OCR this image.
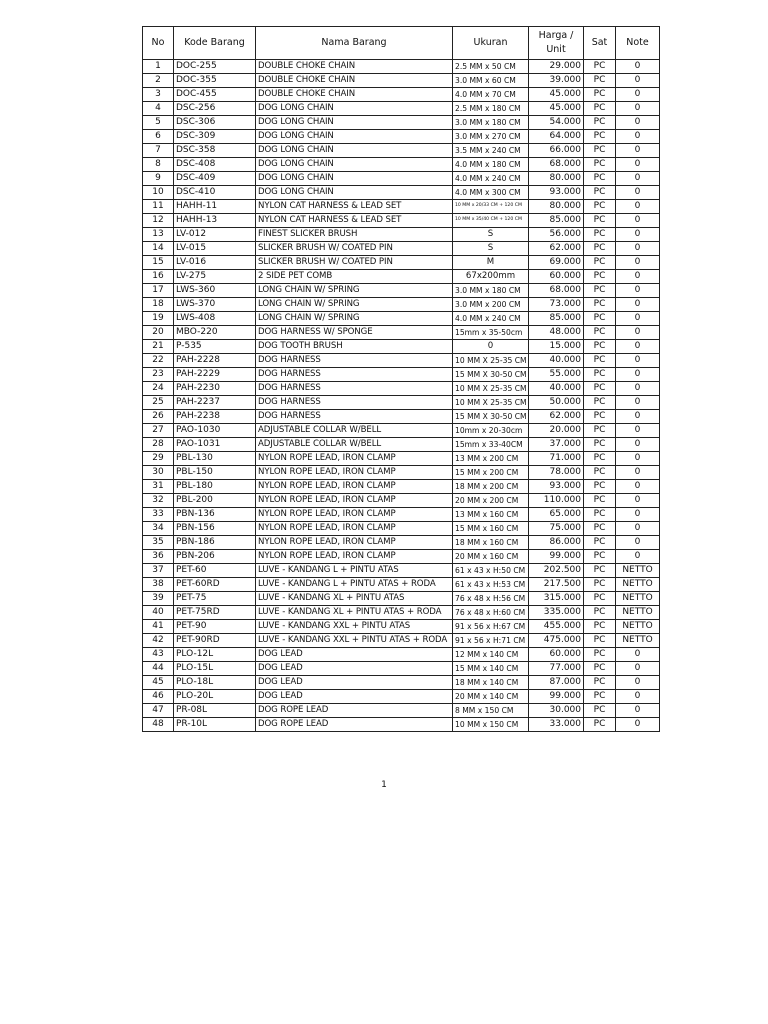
No	Kode Barang	Nama Barang	Ukuran	Harga /
Unit	Sat	Note
1	DOC-255	DOUBLE CHOKE CHAIN	2.5 MM x 50 CM	29.000	PC	0
2	DOC-355	DOUBLE CHOKE CHAIN	3.0 MM x 60 CM	39.000	PC	0
3	DOC-455	DOUBLE CHOKE CHAIN	4.0 MM x 70 CM	45.000	PC	0
4	DSC-256	DOG LONG CHAIN	2.5 MM x 180 CM	45.000	PC	0
5	DSC-306	DOG LONG CHAIN	3.0 MM x 180 CM	54.000	PC	0
6	DSC-309	DOG LONG CHAIN	3.0 MM x 270 CM	64.000	PC	0
7	DSC-358	DOG LONG CHAIN	3.5 MM x 240 CM	66.000	PC	0
8	DSC-408	DOG LONG CHAIN	4.0 MM x 180 CM	68.000	PC	0
9	DSC-409	DOG LONG CHAIN	4.0 MM x 240 CM	80.000	PC	0
10	DSC-410	DOG LONG CHAIN	4.0 MM x 300 CM	93.000	PC	0
11	HAHH-11	NYLON CAT HARNESS & LEAD SET	10 MM x 20/33 CM + 120 CM	80.000	PC	0
12	HAHH-13	NYLON CAT HARNESS & LEAD SET	10 MM x 35/40 CM + 120 CM	85.000	PC	0
13	LV-012	FINEST SLICKER BRUSH	S	56.000	PC	0
14	LV-015	SLICKER BRUSH W/ COATED PIN	S	62.000	PC	0
15	LV-016	SLICKER BRUSH W/ COATED PIN	M	69.000	PC	0
16	LV-275	2 SIDE PET COMB	67x200mm	60.000	PC	0
17	LWS-360	LONG CHAIN W/ SPRING	3.0 MM x 180 CM	68.000	PC	0
18	LWS-370	LONG CHAIN W/ SPRING	3.0 MM x 200 CM	73.000	PC	0
19	LWS-408	LONG CHAIN W/ SPRING	4.0 MM x 240 CM	85.000	PC	0
20	MBO-220	DOG HARNESS W/ SPONGE	15mm x 35-50cm	48.000	PC	0
21	P-535	DOG TOOTH BRUSH	0	15.000	PC	0
22	PAH-2228	DOG HARNESS	10 MM X 25-35 CM	40.000	PC	0
23	PAH-2229	DOG HARNESS	15 MM X 30-50 CM	55.000	PC	0
24	PAH-2230	DOG HARNESS	10 MM X 25-35 CM	40.000	PC	0
25	PAH-2237	DOG HARNESS	10 MM X 25-35 CM	50.000	PC	0
26	PAH-2238	DOG HARNESS	15 MM X 30-50 CM	62.000	PC	0
27	PAO-1030	ADJUSTABLE COLLAR W/BELL	10mm x 20-30cm	20.000	PC	0
28	PAO-1031	ADJUSTABLE COLLAR W/BELL	15mm x 33-40CM	37.000	PC	0
29	PBL-130	NYLON ROPE LEAD, IRON CLAMP	13 MM x 200 CM	71.000	PC	0
30	PBL-150	NYLON ROPE LEAD, IRON CLAMP	15 MM x 200 CM	78.000	PC	0
31	PBL-180	NYLON ROPE LEAD, IRON CLAMP	18 MM x 200 CM	93.000	PC	0
32	PBL-200	NYLON ROPE LEAD, IRON CLAMP	20 MM x 200 CM	110.000	PC	0
33	PBN-136	NYLON ROPE LEAD, IRON CLAMP	13 MM x 160 CM	65.000	PC	0
34	PBN-156	NYLON ROPE LEAD, IRON CLAMP	15 MM x 160 CM	75.000	PC	0
35	PBN-186	NYLON ROPE LEAD, IRON CLAMP	18 MM x 160 CM	86.000	PC	0
36	PBN-206	NYLON ROPE LEAD, IRON CLAMP	20 MM x 160 CM	99.000	PC	0
37	PET-60	LUVE - KANDANG L + PINTU ATAS	61 x 43 x H:50 CM	202.500	PC	NETTO
38	PET-60RD	LUVE - KANDANG L + PINTU ATAS + RODA	61 x 43 x H:53 CM	217.500	PC	NETTO
39	PET-75	LUVE - KANDANG XL + PINTU ATAS	76 x 48 x H:56 CM	315.000	PC	NETTO
40	PET-75RD	LUVE - KANDANG XL + PINTU ATAS + RODA	76 x 48 x H:60 CM	335.000	PC	NETTO
41	PET-90	LUVE - KANDANG XXL + PINTU ATAS	91 x 56 x H:67 CM	455.000	PC	NETTO
42	PET-90RD	LUVE - KANDANG XXL + PINTU ATAS + RODA	91 x 56 x H:71 CM	475.000	PC	NETTO
43	PLO-12L	DOG LEAD	12 MM x 140 CM	60.000	PC	0
44	PLO-15L	DOG LEAD	15 MM x 140 CM	77.000	PC	0
45	PLO-18L	DOG LEAD	18 MM x 140 CM	87.000	PC	0
46	PLO-20L	DOG LEAD	20 MM x 140 CM	99.000	PC	0
47	PR-08L	DOG ROPE LEAD	8 MM x 150 CM	30.000	PC	0
48	PR-10L	DOG ROPE LEAD	10 MM x 150 CM	33.000	PC	0
1
